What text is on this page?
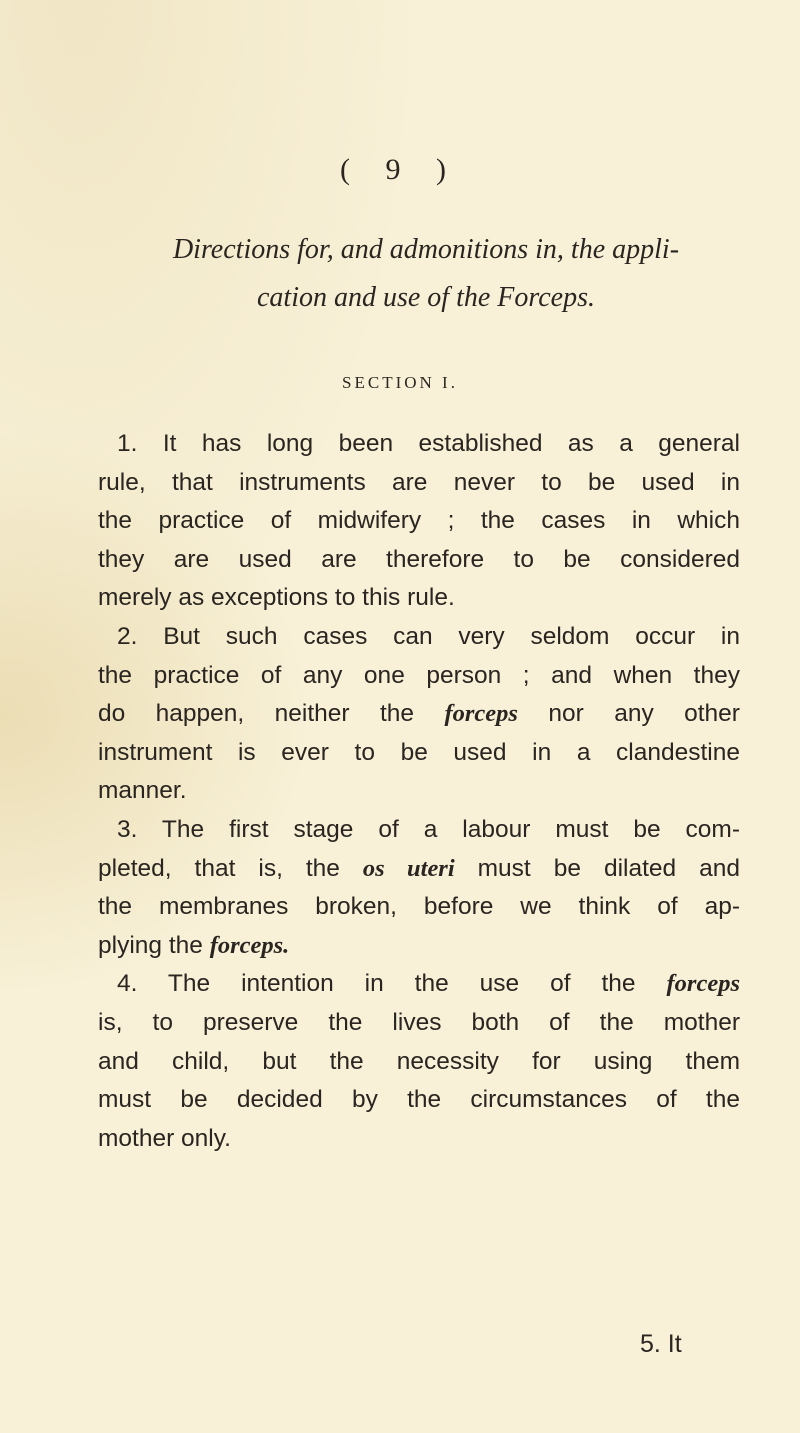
( 9 )
Directions for, and admonitions in, the appli-
cation and use of the Forceps.
SECTION I.
1. It has long been established as a general
rule, that instruments are never to be used in
the practice of midwifery ; the cases in which
they are used are therefore to be considered
merely as exceptions to this rule.
2. But such cases can very seldom occur in
the practice of any one person ; and when they
do happen, neither the forceps nor any other
instrument is ever to be used in a clandestine
manner.
3. The first stage of a labour must be com-
pleted, that is, the os uteri must be dilated and
the membranes broken, before we think of ap-
plying the forceps.
4. The intention in the use of the forceps
is, to preserve the lives both of the mother
and child, but the necessity for using them
must be decided by the circumstances of the
mother only.
5. It
